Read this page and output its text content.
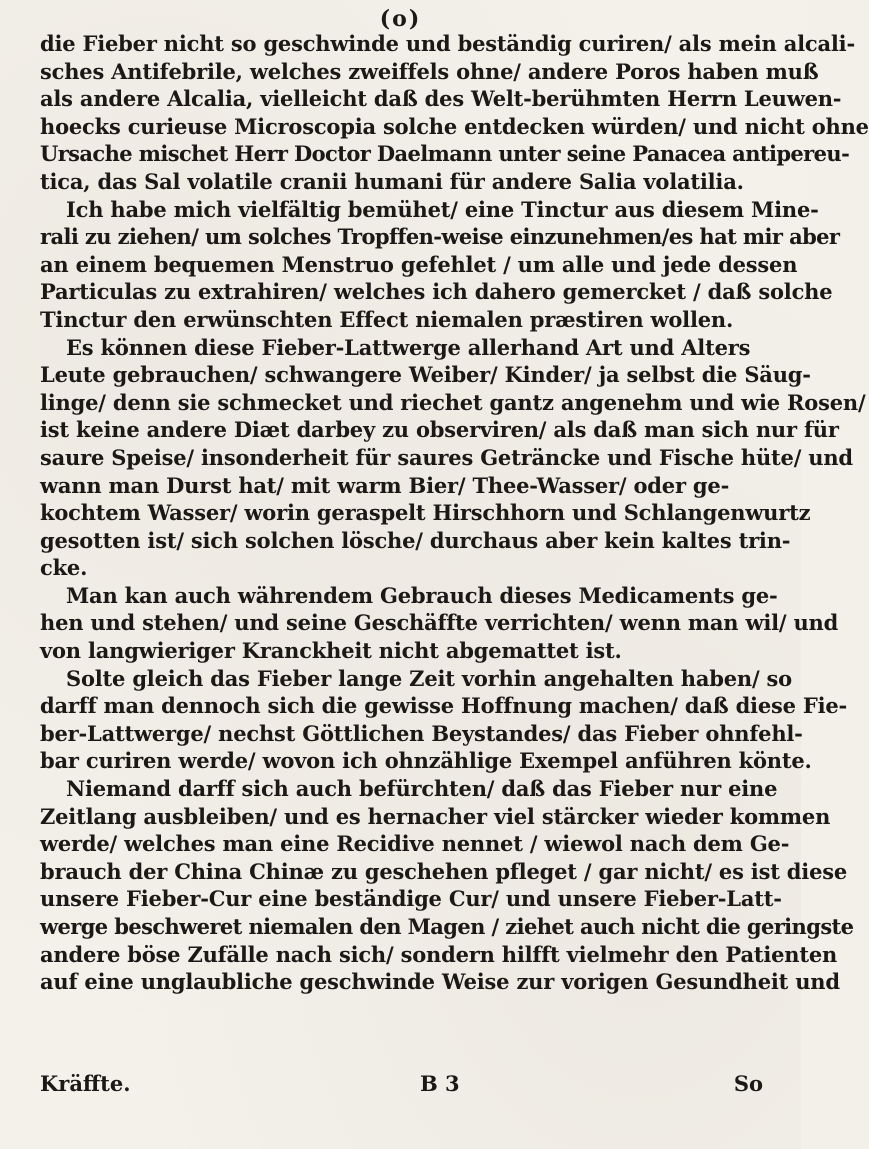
(o)
die Fieber nicht so geschwinde und beständig curiren/ als mein alcali-
sches Antifebrile, welches zweiffels ohne/ andere Poros haben muß
als andere Alcalia, vielleicht daß des Welt-berühmten Herrn Leuwen-
hoecks curieuse Microscopia solche entdecken würden/ und nicht ohne
Ursache mischet Herr Doctor Daelmann unter seine Panacea antipereu-
tica, das Sal volatile cranii humani für andere Salia volatilia.
Ich habe mich vielfältig bemühet/ eine Tinctur aus diesem Mine-
rali zu ziehen/ um solches Tropffen-weise einzunehmen/es hat mir aber
an einem bequemen Menstruo gefehlet / um alle und jede dessen
Particulas zu extrahiren/ welches ich dahero gemercket / daß solche
Tinctur den erwünschten Effect niemalen præstiren wollen.
Es können diese Fieber-Lattwerge allerhand Art und Alters
Leute gebrauchen/ schwangere Weiber/ Kinder/ ja selbst die Säug-
linge/ denn sie schmecket und riechet gantz angenehm und wie Rosen/
ist keine andere Diæt darbey zu observiren/ als daß man sich nur für
saure Speise/ insonderheit für saures Geträncke und Fische hüte/ und
wann man Durst hat/ mit warm Bier/ Thee-Wasser/ oder ge-
kochtem Wasser/ worin geraspelt Hirschhorn und Schlangenwurtz
gesotten ist/ sich solchen lösche/ durchaus aber kein kaltes trin-
cke.
Man kan auch währendem Gebrauch dieses Medicaments ge-
hen und stehen/ und seine Geschäffte verrichten/ wenn man wil/ und
von langwieriger Kranckheit nicht abgemattet ist.
Solte gleich das Fieber lange Zeit vorhin angehalten haben/ so
darff man dennoch sich die gewisse Hoffnung machen/ daß diese Fie-
ber-Lattwerge/ nechst Göttlichen Beystandes/ das Fieber ohnfehl-
bar curiren werde/ wovon ich ohnzählige Exempel anführen könte.
Niemand darff sich auch befürchten/ daß das Fieber nur eine
Zeitlang ausbleiben/ und es hernacher viel stärcker wieder kommen
werde/ welches man eine Recidive nennet / wiewol nach dem Ge-
brauch der China Chinæ zu geschehen pfleget / gar nicht/ es ist diese
unsere Fieber-Cur eine beständige Cur/ und unsere Fieber-Latt-
werge beschweret niemalen den Magen / ziehet auch nicht die geringste
andere böse Zufälle nach sich/ sondern hilfft vielmehr den Patienten
auf eine unglaubliche geschwinde Weise zur vorigen Gesundheit und
Kräffte.	B 3	So
